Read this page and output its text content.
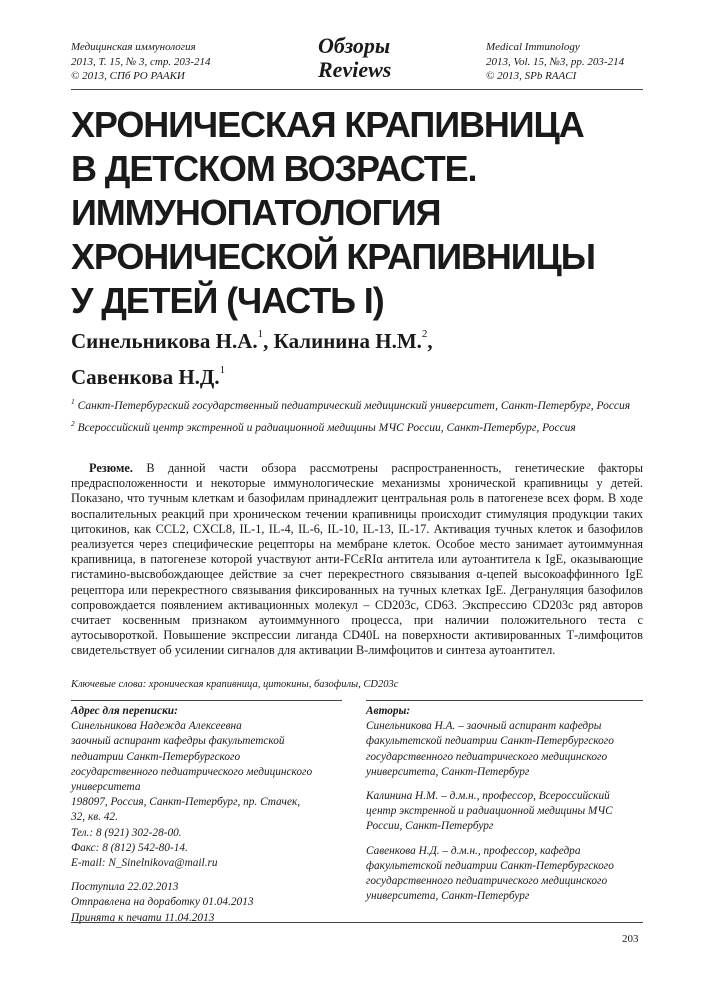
Медицинская иммунология
2013, Т. 15, № 3, стр. 203-214
© 2013, СПб РО РААКИ
Обзоры
Reviews
Medical Immunology
2013, Vol. 15, №3, pp. 203-214
© 2013, SPb RAACI
ХРОНИЧЕСКАЯ КРАПИВНИЦА
В ДЕТСКОМ ВОЗРАСТЕ.
ИММУНОПАТОЛОГИЯ
ХРОНИЧЕСКОЙ КРАПИВНИЦЫ
У ДЕТЕЙ (ЧАСТЬ I)
Синельникова Н.А.$^1$, Калинина Н.М.$^2$,
Савенкова Н.Д.$^1$
$^1$ Санкт-Петербургский государственный педиатрический медицинский университет, Санкт-Петербург, Россия
$^2$ Всероссийский центр экстренной и радиационной медицины МЧС России, Санкт-Петербург, Россия
Резюме. В данной части обзора рассмотрены распространенность, генетические факторы предрасположенности и некоторые иммунологические механизмы хронической крапивницы у детей. Показано, что тучным клеткам и базофилам принадлежит центральная роль в патогенезе всех форм. В ходе воспалительных реакций при хроническом течении крапивницы происходит стимуляция продукции таких цитокинов, как CCL2, CXCL8, IL-1, IL-4, IL-6, IL-10, IL-13, IL-17. Активация тучных клеток и базофилов реализуется через специфические рецепторы на мембране клеток. Особое место занимает аутоиммунная крапивница, в патогенезе которой участвуют анти-FCεRIα антитела или аутоантитела к IgE, оказывающие гистамино-высвобождающее действие за счет перекрестного связывания α-цепей высокоаффинного IgE рецептора или перекрестного связывания фиксированных на тучных клетках IgE. Дегрануляция базофилов сопровождается появлением активационных молекул – CD203c, CD63. Экспрессию CD203c ряд авторов считает косвенным признаком аутоиммунного процесса, при наличии положительного теста с аутосывороткой. Повышение экспрессии лиганда CD40L на поверхности активированных Т-лимфоцитов свидетельствует об усилении сигналов для активации В-лимфоцитов и синтеза аутоантител.
Ключевые слова: хроническая крапивница, цитокины, базофилы, CD203c
Адрес для переписки:
Синельникова Надежда Алексеевна
заочный аспирант кафедры факультетской
педиатрии Санкт-Петербургского
государственного педиатрического медицинского
университета
198097, Россия, Санкт-Петербург, пр. Стачек,
32, кв. 42.
Тел.: 8 (921) 302-28-00.
Факс: 8 (812) 542-80-14.
E-mail: N_Sinelnikova@mail.ru
Поступила 22.02.2013
Отправлена на доработку 01.04.2013
Принята к печати 11.04.2013
Авторы:
Синельникова Н.А. – заочный аспирант кафедры
факультетской педиатрии Санкт-Петербургского
государственного педиатрического медицинского
университета, Санкт-Петербург
Калинина Н.М. – д.м.н., профессор, Всероссийский
центр экстренной и радиационной медицины МЧС
России, Санкт-Петербург
Савенкова Н.Д. – д.м.н., профессор, кафедра
факультетской педиатрии Санкт-Петербургского
государственного педиатрического медицинского
университета, Санкт-Петербург
203
